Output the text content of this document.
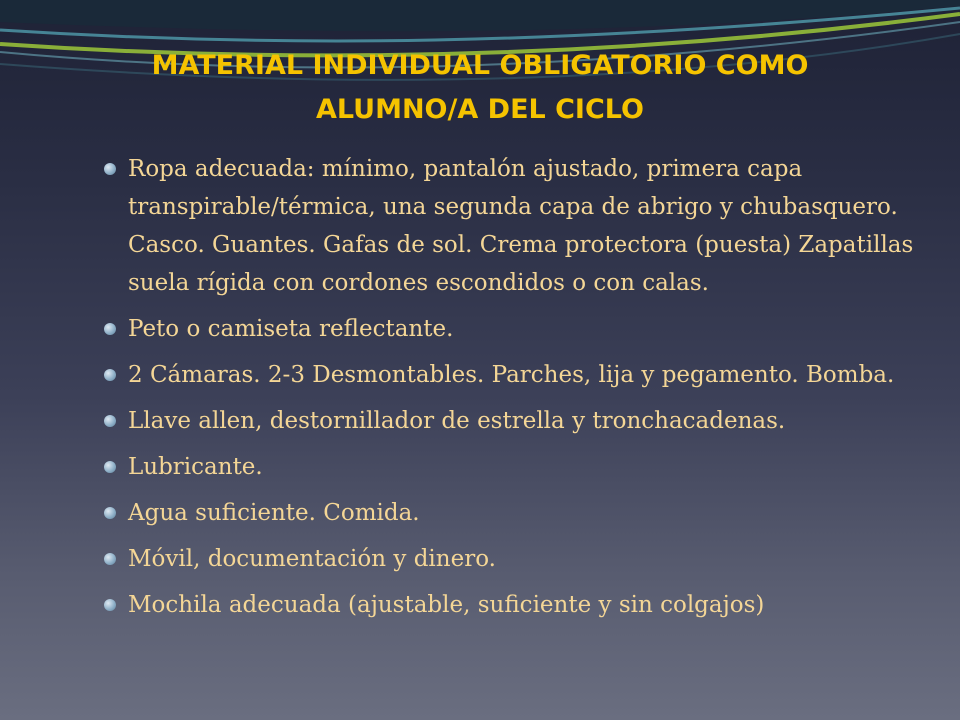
MATERIAL INDIVIDUAL OBLIGATORIO COMO
ALUMNO/A DEL CICLO
Ropa adecuada: mínimo, pantalón ajustado, primera capa transpirable/térmica, una segunda capa de abrigo y chubasquero. Casco. Guantes. Gafas de sol. Crema protectora (puesta) Zapatillas suela rígida con cordones escondidos o con calas.
Peto o camiseta reflectante.
2 Cámaras. 2-3 Desmontables. Parches, lija y pegamento. Bomba.
Llave allen, destornillador de estrella y tronchacadenas.
Lubricante.
Agua suficiente. Comida.
Móvil, documentación y dinero.
Mochila adecuada (ajustable, suficiente y sin colgajos)
